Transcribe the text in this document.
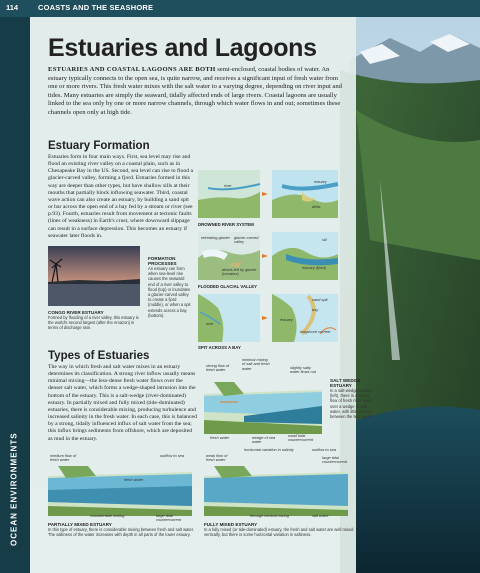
114	COASTS AND THE SEASHORE
OCEAN ENVIRONMENTS
Estuaries and Lagoons

ESTUARIES AND COASTAL LAGOONS ARE BOTH semi-enclosed, coastal bodies of water. An estuary typically connects to the open sea, is quite narrow, and receives a significant input of fresh water from one or more rivers. This fresh water mixes with the salt water to a varying degree, depending on river input and tides. Many estuaries are simply the seaward, tidally affected ends of large rivers. Coastal lagoons are usually linked to the sea only by one or more narrow channels, through which water flows in and out; sometimes these channels open only at high tide.

Estuary Formation

Estuaries form in four main ways. First, sea level may rise and flood an existing river valley on a coastal plain, such as in Chesapeake Bay in the US. Second, sea level can rise to flood a glacier-carved valley, forming a fjord. Estuaries formed in this way are deeper than other types, but have shallow sills at their mouths that partially block inflowing seawater. Third, coastal wave action can also create an estuary, by building a sand spit or bar across the open end of a bay fed by a stream or river (see p.93). Fourth, estuaries result from movement at tectonic faults (lines of weakness) in Earth's crust, where downward slippage can result in a surface depression. This becomes an estuary if seawater later floods in.

CONGO RIVER ESTUARY
Formed by flooding of a river valley, this estuary is the world's second largest (after the Amazon) in terms of discharge rate.
FORMATION PROCESSES
An estuary can form when sea-level rise causes the seaward end of a river valley to flood (top) or inundates a glacier-carved valley to create a fjord (middle), or when a spit extends across a bay (bottom).
river
estuary
delta
DROWNED RIVER SYSTEM
retreating glacier glacier-carved valley
debris left by glacier (moraine)
sill
estuary (fjord)
FLOODED GLACIAL VALLEY
river
estuary
sand spit
bay
longshore current
SPIT ACROSS A BAY
Types of Estuaries

The way in which fresh and salt water mixes in an estuary determines its classification. A strong river inflow usually means minimal mixing—the less-dense fresh water flows over the denser salt water, which forms a wedge-shaped intrusion into the bottom of the estuary. This is a salt-wedge (river-dominated) estuary. In partially mixed and fully mixed (tide-dominated) estuaries, there is considerable mixing, producing turbulence and increased salinity in the fresh water. In each case, this is balanced by a strong, tidally influenced influx of salt water from the sea; this influx brings sediments from offshore, which are deposited as mud in the estuary.

strong flow of fresh water
minimal mixing of salt and fresh water	slightly salty water flows out
fresh water	wedge of sea water
small tidal countercurrent
SALT WEDGE ESTUARY
In a salt-wedge estuary (left), there is a strong flow of fresh river water over a wedge of salt water, with little mixing between the two layers.
medium flow of fresh water
outflow to sea
fresh water
considerable mixing	large tidal countercurrent
PARTIALLY MIXED ESTUARY
In this type of estuary, there is considerable mixing between fresh and salt water. The saltiness of the water increases with depth in all parts of the lower estuary.
weak flow of fresh water
horizontal variation in salinity	outflow to sea
large tidal countercurrent
through vertical mixing	salt water
FULLY MIXED ESTUARY
In a fully mixed (or tide-dominated) estuary, the fresh and salt water are well mixed vertically, but there is some horizontal variation in saltiness.
